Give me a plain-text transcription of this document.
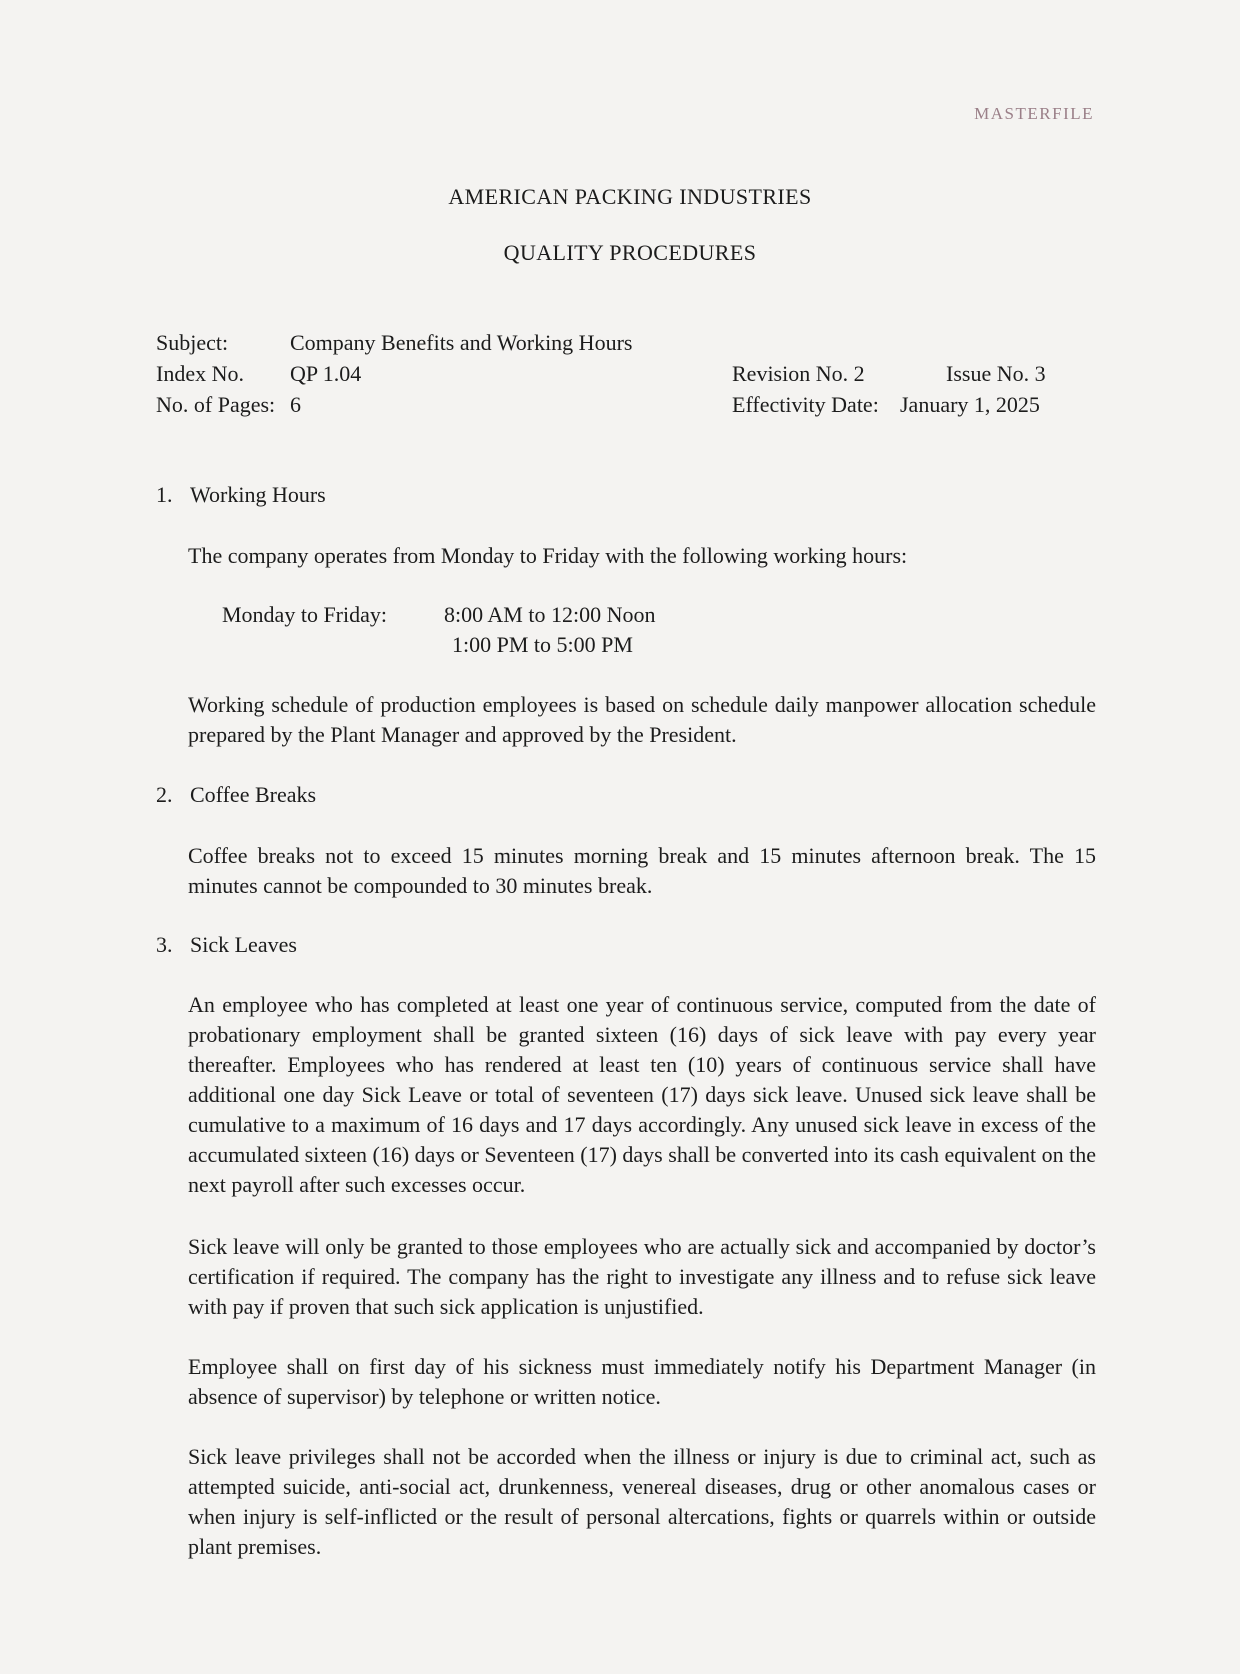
MASTERFILE
AMERICAN PACKING INDUSTRIES
QUALITY PROCEDURES
Subject:	Company Benefits and Working Hours
Index No. QP 1.04
No. of Pages: 6
Revision No. 2	Issue No. 3
Effectivity Date: January 1, 2025
1. Working Hours
The company operates from Monday to Friday with the following working hours:
Monday to Friday:	8:00 AM to 12:00 Noon
1:00 PM to 5:00 PM
Working schedule of production employees is based on schedule daily manpower allocation schedule prepared by the Plant Manager and approved by the President.
2. Coffee Breaks
Coffee breaks not to exceed 15 minutes morning break and 15 minutes afternoon break. The 15 minutes cannot be compounded to 30 minutes break.
3. Sick Leaves
An employee who has completed at least one year of continuous service, computed from the date of probationary employment shall be granted sixteen (16) days of sick leave with pay every year thereafter. Employees who has rendered at least ten (10) years of continuous service shall have additional one day Sick Leave or total of seventeen (17) days sick leave. Unused sick leave shall be cumulative to a maximum of 16 days and 17 days accordingly. Any unused sick leave in excess of the accumulated sixteen (16) days or Seventeen (17) days shall be converted into its cash equivalent on the next payroll after such excesses occur.
Sick leave will only be granted to those employees who are actually sick and accompanied by doctor’s certification if required. The company has the right to investigate any illness and to refuse sick leave with pay if proven that such sick application is unjustified.
Employee shall on first day of his sickness must immediately notify his Department Manager (in absence of supervisor) by telephone or written notice.
Sick leave privileges shall not be accorded when the illness or injury is due to criminal act, such as attempted suicide, anti-social act, drunkenness, venereal diseases, drug or other anomalous cases or when injury is self-inflicted or the result of personal altercations, fights or quarrels within or outside plant premises.
